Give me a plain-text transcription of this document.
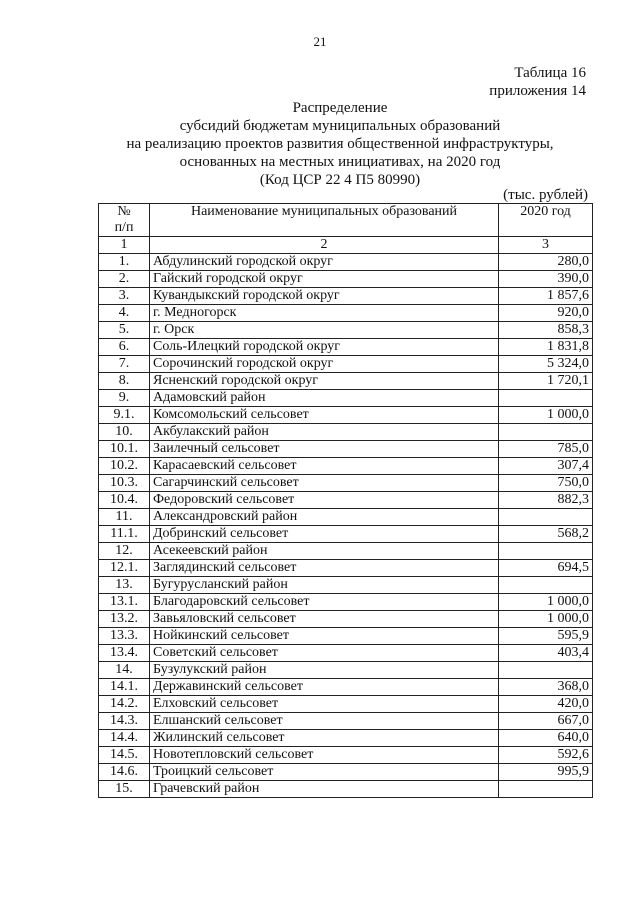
21
Таблица 16
приложения 14
Распределение
субсидий бюджетам муниципальных образований
на реализацию проектов развития общественной инфраструктуры,
основанных на местных инициативах, на 2020 год
(Код ЦСР 22 4 П5 80990)
(тыс. рублей)
№
п/п	Наименование муниципальных образований	2020 год
1	2	3
1.	Абдулинский городской округ	280,0
2.	Гайский городской округ	390,0
3.	Кувандыкский городской округ	1 857,6
4.	г. Медногорск	920,0
5.	г. Орск	858,3
6.	Соль-Илецкий городской округ	1 831,8
7.	Сорочинский городской округ	5 324,0
8.	Ясненский городской округ	1 720,1
9.	Адамовский район	
9.1.	Комсомольский сельсовет	1 000,0
10.	Акбулакский район	
10.1.	Заилечный сельсовет	785,0
10.2.	Карасаевский сельсовет	307,4
10.3.	Сагарчинский сельсовет	750,0
10.4.	Федоровский сельсовет	882,3
11.	Александровский район	
11.1.	Добринский сельсовет	568,2
12.	Асекеевский район	
12.1.	Заглядинский сельсовет	694,5
13.	Бугурусланский район	
13.1.	Благодаровский сельсовет	1 000,0
13.2.	Завьяловский сельсовет	1 000,0
13.3.	Нойкинский сельсовет	595,9
13.4.	Советский сельсовет	403,4
14.	Бузулукский район	
14.1.	Державинский сельсовет	368,0
14.2.	Елховский сельсовет	420,0
14.3.	Елшанский сельсовет	667,0
14.4.	Жилинский сельсовет	640,0
14.5.	Новотепловский сельсовет	592,6
14.6.	Троицкий сельсовет	995,9
15.	Грачевский район	
